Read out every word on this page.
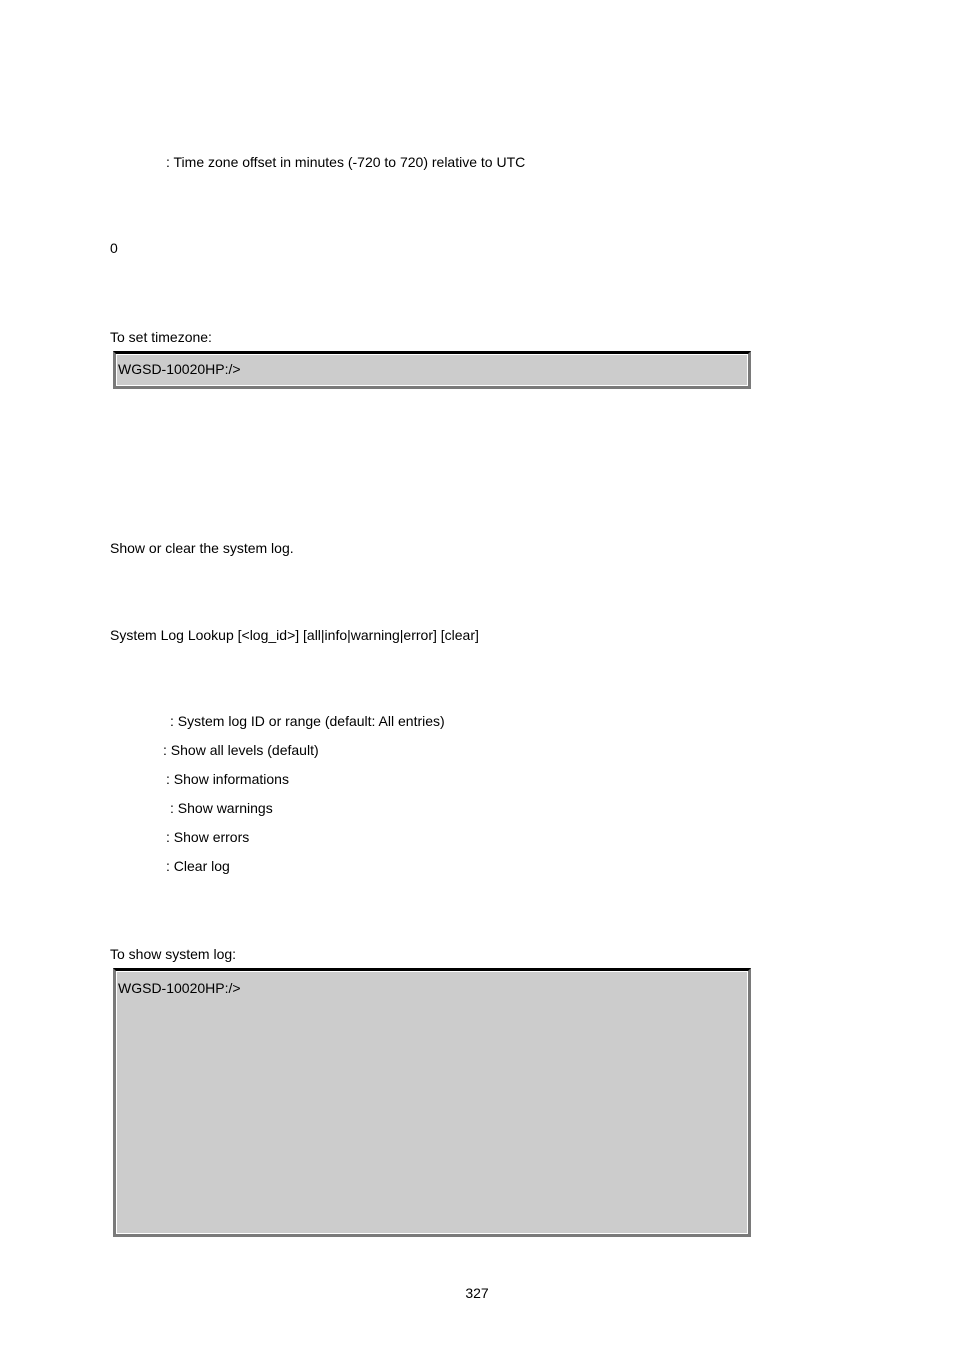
: Time zone offset in minutes (-720 to 720) relative to UTC
0
To set timezone:
WGSD-10020HP:/>
Show or clear the system log.
System Log Lookup [<log_id>] [all|info|warning|error] [clear]
: System log ID or range (default: All entries)
: Show all levels (default)
: Show informations
: Show warnings
: Show errors
: Clear log
To show system log:
WGSD-10020HP:/>
327
